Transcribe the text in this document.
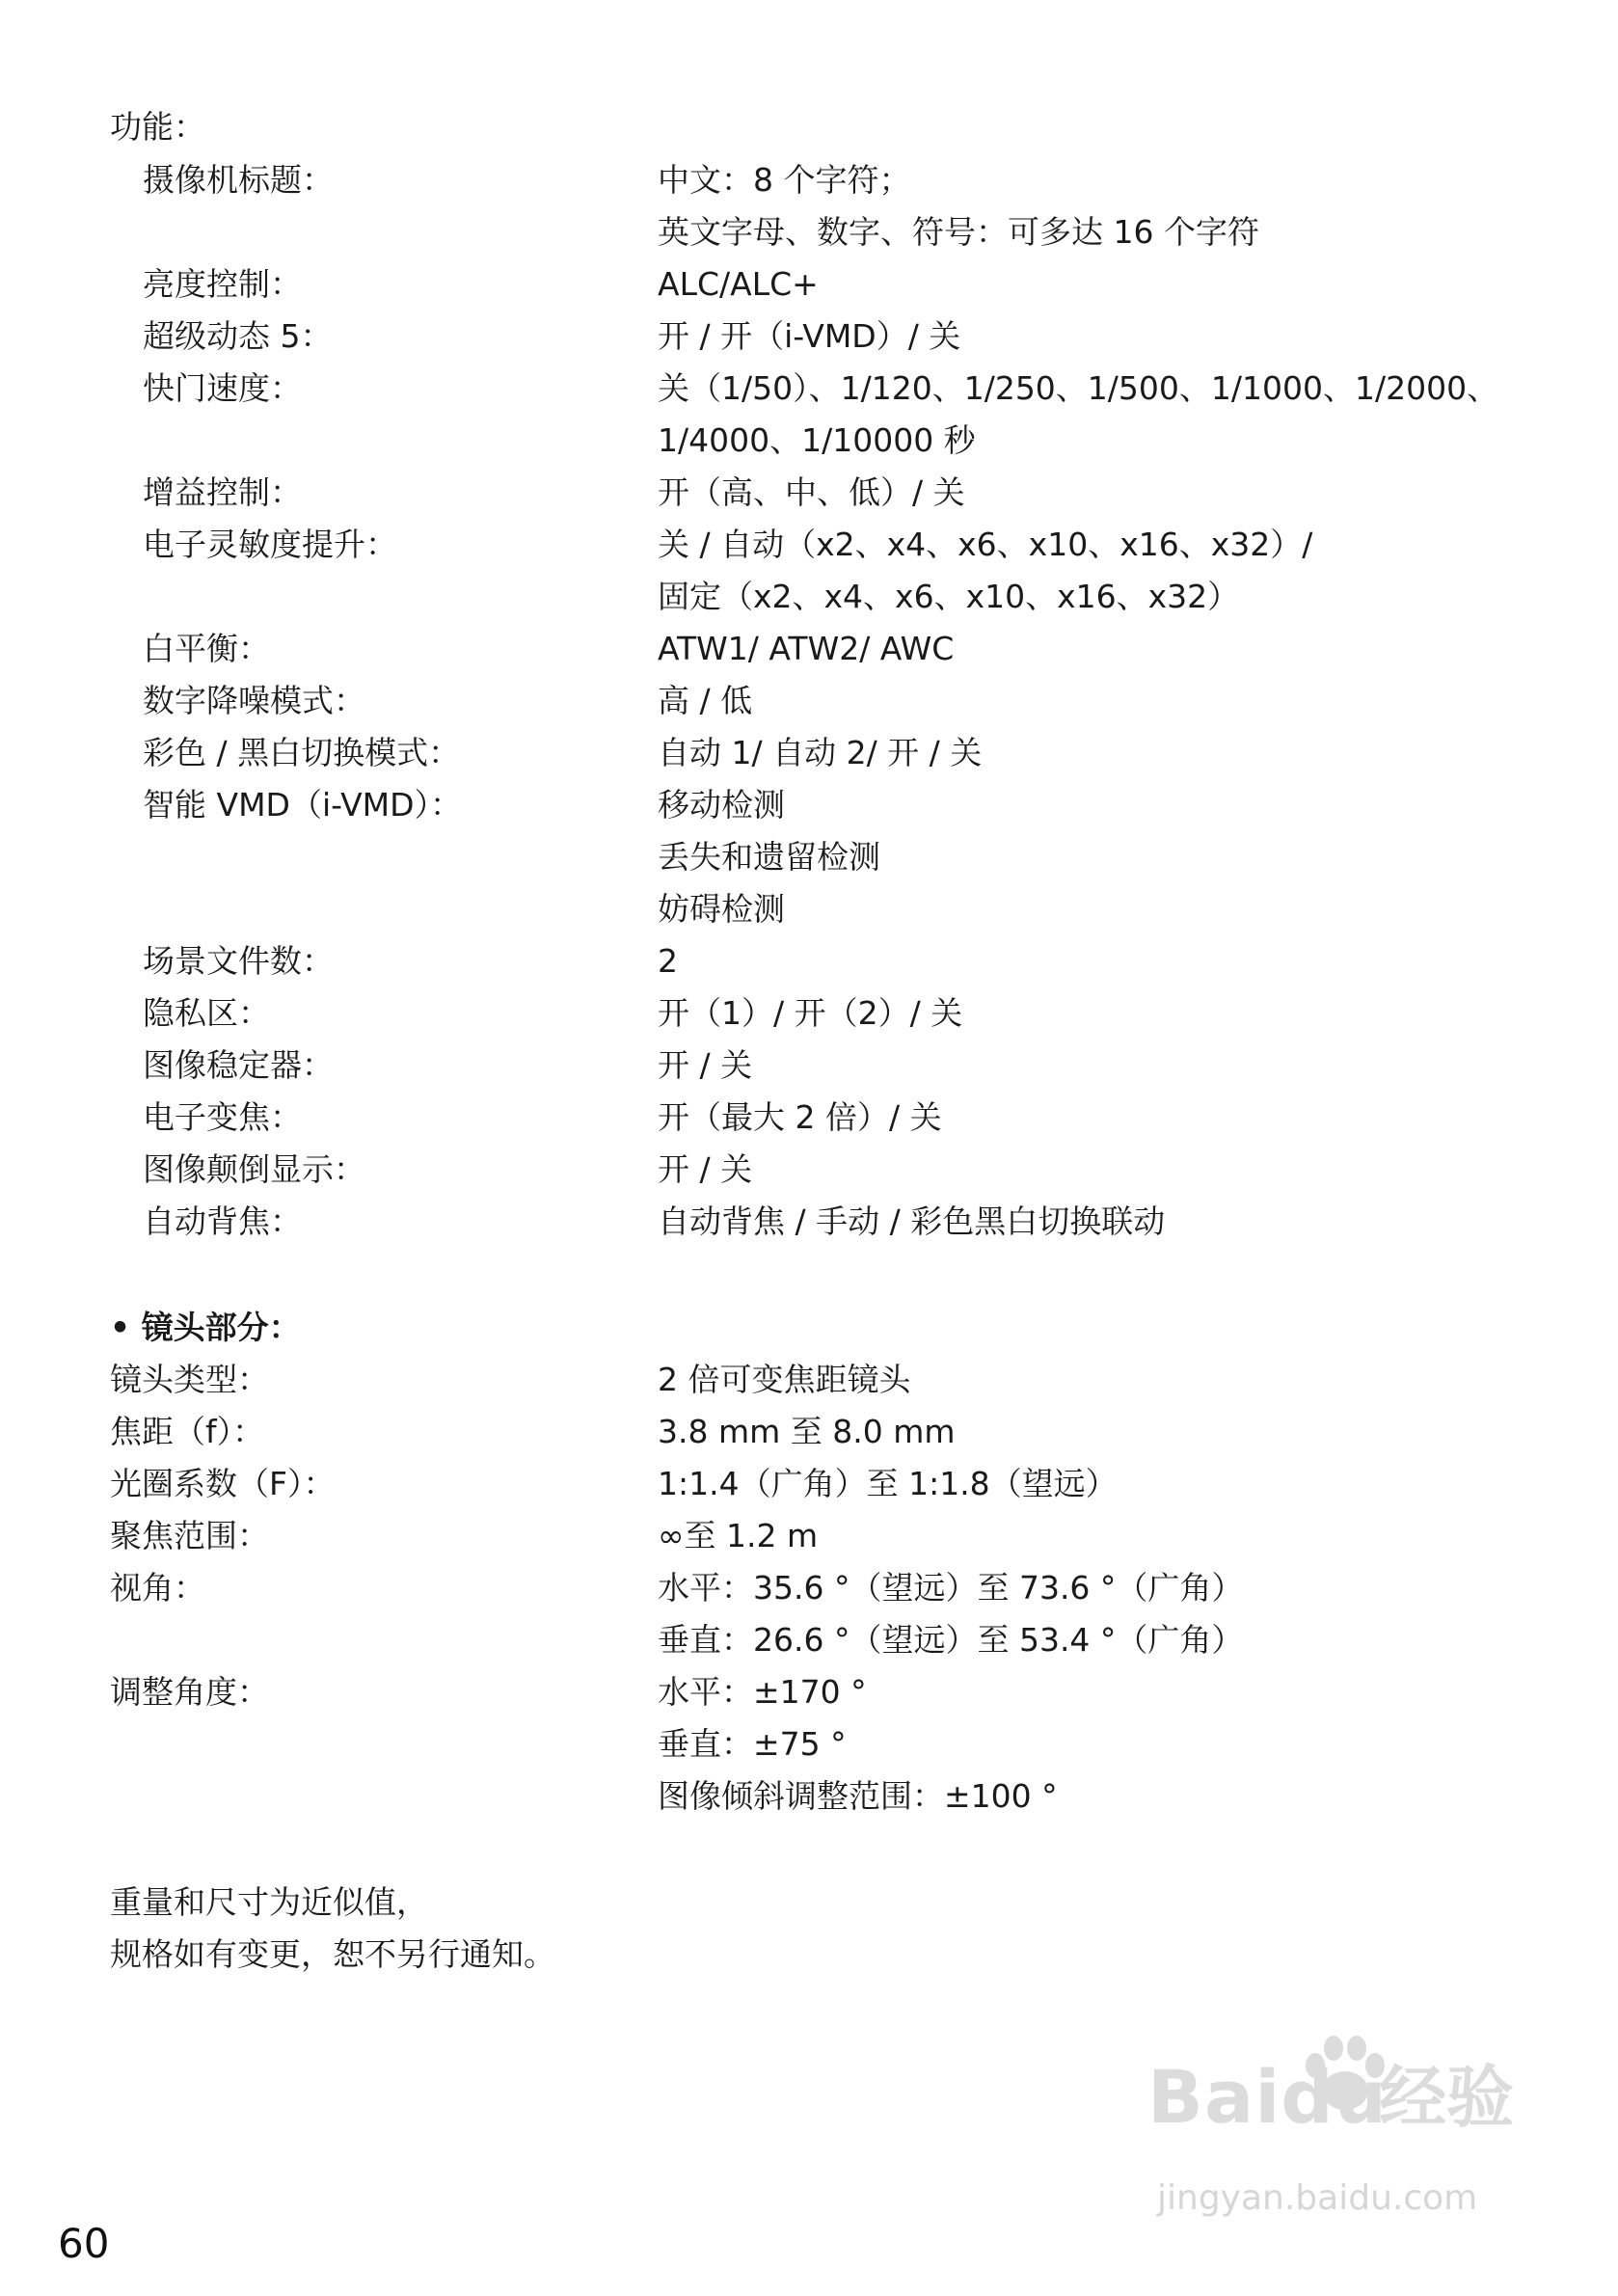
功能：
摄像机标题：	中文：8 个字符；
英文字母、数字、符号：可多达 16 个字符
亮度控制：	ALC/ALC+
超级动态 5：	开 / 开（i-VMD）/ 关
快门速度：	关（1/50）、1/120、1/250、1/500、1/1000、1/2000、
1/4000、1/10000 秒
增益控制：	开（高、中、低）/ 关
电子灵敏度提升：	关 / 自动（x2、x4、x6、x10、x16、x32）/
固定（x2、x4、x6、x10、x16、x32）
白平衡：	ATW1/ ATW2/ AWC
数字降噪模式：	高 / 低
彩色 / 黑白切换模式：	自动 1/ 自动 2/ 开 / 关
智能 VMD（i-VMD）：	移动检测
丢失和遗留检测
妨碍检测
场景文件数：	2
隐私区：	开（1）/ 开（2）/ 关
图像稳定器：	开 / 关
电子变焦：	开（最大 2 倍）/ 关
图像颠倒显示：	开 / 关
自动背焦：	自动背焦 / 手动 / 彩色黑白切换联动
• 镜头部分：
镜头类型：	2 倍可变焦距镜头
焦距（f）：	3.8 mm 至 8.0 mm
光圈系数（F）：	1:1.4（广角）至 1:1.8（望远）
聚焦范围：	∞至 1.2 m
视角：	水平：35.6 °（望远）至 73.6 °（广角）
垂直：26.6 °（望远）至 53.4 °（广角）
调整角度：	水平：±170 °
垂直：±75 °
图像倾斜调整范围：±100 °
重量和尺寸为近似值，
规格如有变更，恕不另行通知。
Baidu
经验
jingyan.baidu.com
60
